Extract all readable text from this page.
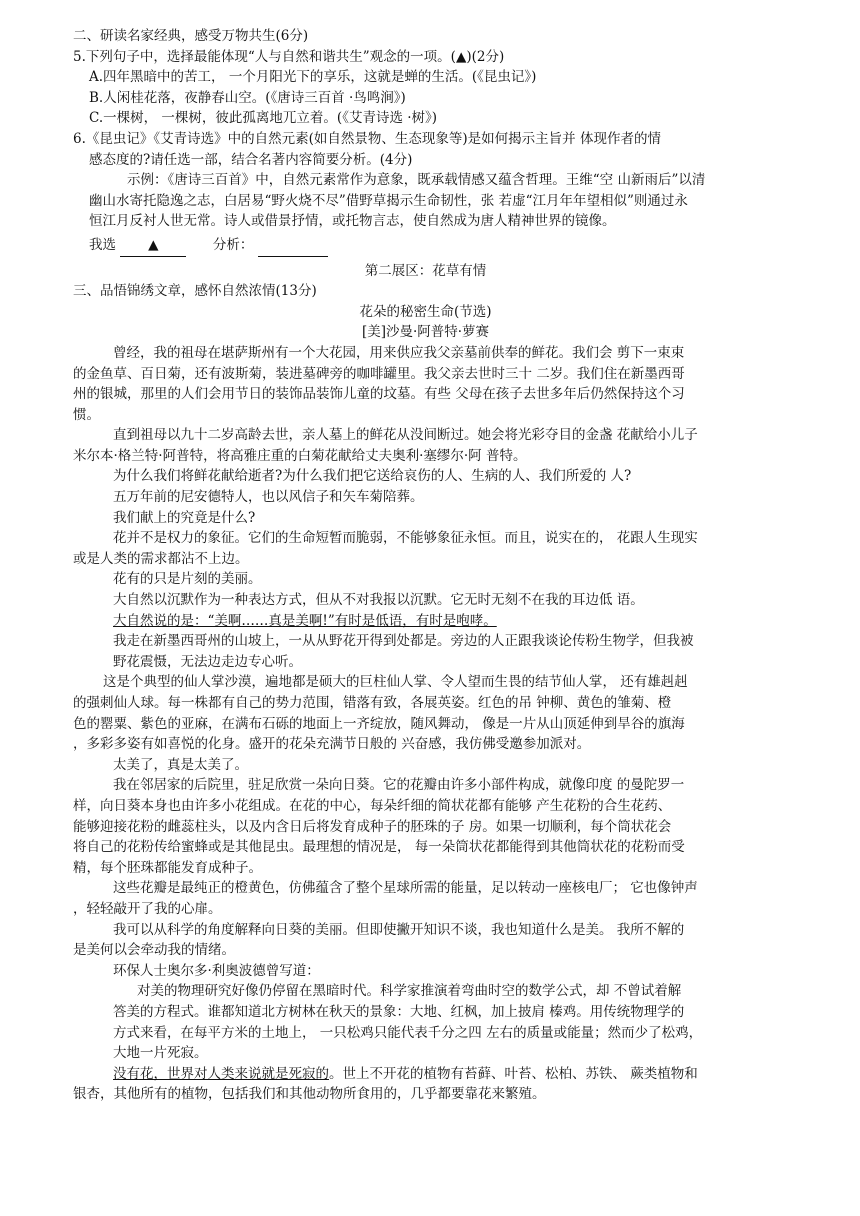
二、研读名家经典，感受万物共生(6分)
5.下列句子中，选择最能体现“人与自然和谐共生”观念的一项。(▲)(2分)
A.四年黑暗中的苦工， 一个月阳光下的享乐，这就是蝉的生活。(《昆虫记》)
B.人闲桂花落，夜静春山空。(《唐诗三百首 ·鸟鸣涧》)
C.一棵树， 一棵树，彼此孤离地兀立着。(《艾青诗选 ·树》)
6.《昆虫记》《艾青诗选》中的自然元素(如自然景物、生态现象等)是如何揭示主旨并 体现作者的情
感态度的?请任选一部，结合名著内容简要分析。(4分)
示例：《唐诗三百首》中，自然元素常作为意象，既承载情感又蕴含哲理。王维“空 山新雨后”以清
幽山水寄托隐逸之志，白居易“野火烧不尽”借野草揭示生命韧性，张 若虚“江月年年望相似”则通过永
恒江月反衬人世无常。诗人或借景抒情，或托物言志，使自然成为唐人精神世界的镜像。
我选 ▲	分析：
第二展区：花草有情
三、品悟锦绣文章，感怀自然浓情(13分)
花朵的秘密生命(节选)
[美]沙曼·阿普特·萝赛
曾经，我的祖母在堪萨斯州有一个大花园，用来供应我父亲墓前供奉的鲜花。我们会 剪下一束束
的金鱼草、百日菊，还有波斯菊，装进墓碑旁的咖啡罐里。我父亲去世时三十 二岁。我们住在新墨西哥
州的银城，那里的人们会用节日的装饰品装饰儿童的坟墓。有些 父母在孩子去世多年后仍然保持这个习
惯。
直到祖母以九十二岁高龄去世，亲人墓上的鲜花从没间断过。她会将光彩夺目的金盏 花献给小儿子
米尔本·格兰特·阿普特，将高雅庄重的白菊花献给丈夫奥利·塞缪尔·阿 普特。
为什么我们将鲜花献给逝者?为什么我们把它送给哀伤的人、生病的人、我们所爱的 人?
五万年前的尼安德特人，也以风信子和矢车菊陪葬。
我们献上的究竟是什么?
花并不是权力的象征。它们的生命短暂而脆弱，不能够象征永恒。而且，说实在的， 花跟人生现实
或是人类的需求都沾不上边。
花有的只是片刻的美丽。
大自然以沉默作为一种表达方式，但从不对我报以沉默。它无时无刻不在我的耳边低 语。
大自然说的是：“美啊……真是美啊!”有时是低语，有时是咆哮。
我走在新墨西哥州的山坡上，一从从野花开得到处都是。旁边的人正跟我谈论传粉生物学，但我被
野花震慑，无法边走边专心听。
这是个典型的仙人掌沙漠，遍地都是硕大的巨柱仙人掌、令人望而生畏的结节仙人掌， 还有雄赳赳
的强刺仙人球。每一株都有自己的势力范围，错落有致，各展英姿。红色的吊 钟柳、黄色的雏菊、橙
色的罂粟、紫色的亚麻，在满布石砾的地面上一齐绽放，随风舞动， 像是一片从山顶延伸到旱谷的旗海
，多彩多姿有如喜悦的化身。盛开的花朵充满节日般的 兴奋感，我仿佛受邀参加派对。
太美了，真是太美了。
我在邻居家的后院里，驻足欣赏一朵向日葵。它的花瓣由许多小部件构成，就像印度 的曼陀罗一
样，向日葵本身也由许多小花组成。在花的中心，每朵纤细的简状花都有能够 产生花粉的合生花药、
能够迎接花粉的雌蕊柱头，以及内含日后将发育成种子的胚珠的子 房。如果一切顺利，每个筒状花会
将自己的花粉传给蜜蜂或是其他昆虫。最理想的情况是， 每一朵筒状花都能得到其他筒状花的花粉而受
精，每个胚珠都能发育成种子。
这些花瓣是最纯正的橙黄色，仿佛蕴含了整个星球所需的能量，足以转动一座核电厂； 它也像钟声
，轻轻敲开了我的心扉。
我可以从科学的角度解释向日葵的美丽。但即使撇开知识不谈，我也知道什么是美。 我所不解的
是美何以会牵动我的情绪。
环保人士奥尔多·利奥波德曾写道：
对美的物理研究好像仍停留在黑暗时代。科学家推演着弯曲时空的数学公式，却 不曾试着解
答美的方程式。谁都知道北方树林在秋天的景象：大地、红枫，加上披肩 榛鸡。用传统物理学的
方式来看，在每平方米的土地上， 一只松鸡只能代表千分之四 左右的质量或能量；然而少了松鸡，
大地一片死寂。
没有花，世界对人类来说就是死寂的。世上不开花的植物有苔藓、叶苔、松柏、苏铁、 蕨类植物和
银杏，其他所有的植物，包括我们和其他动物所食用的，几乎都要靠花来繁殖。
